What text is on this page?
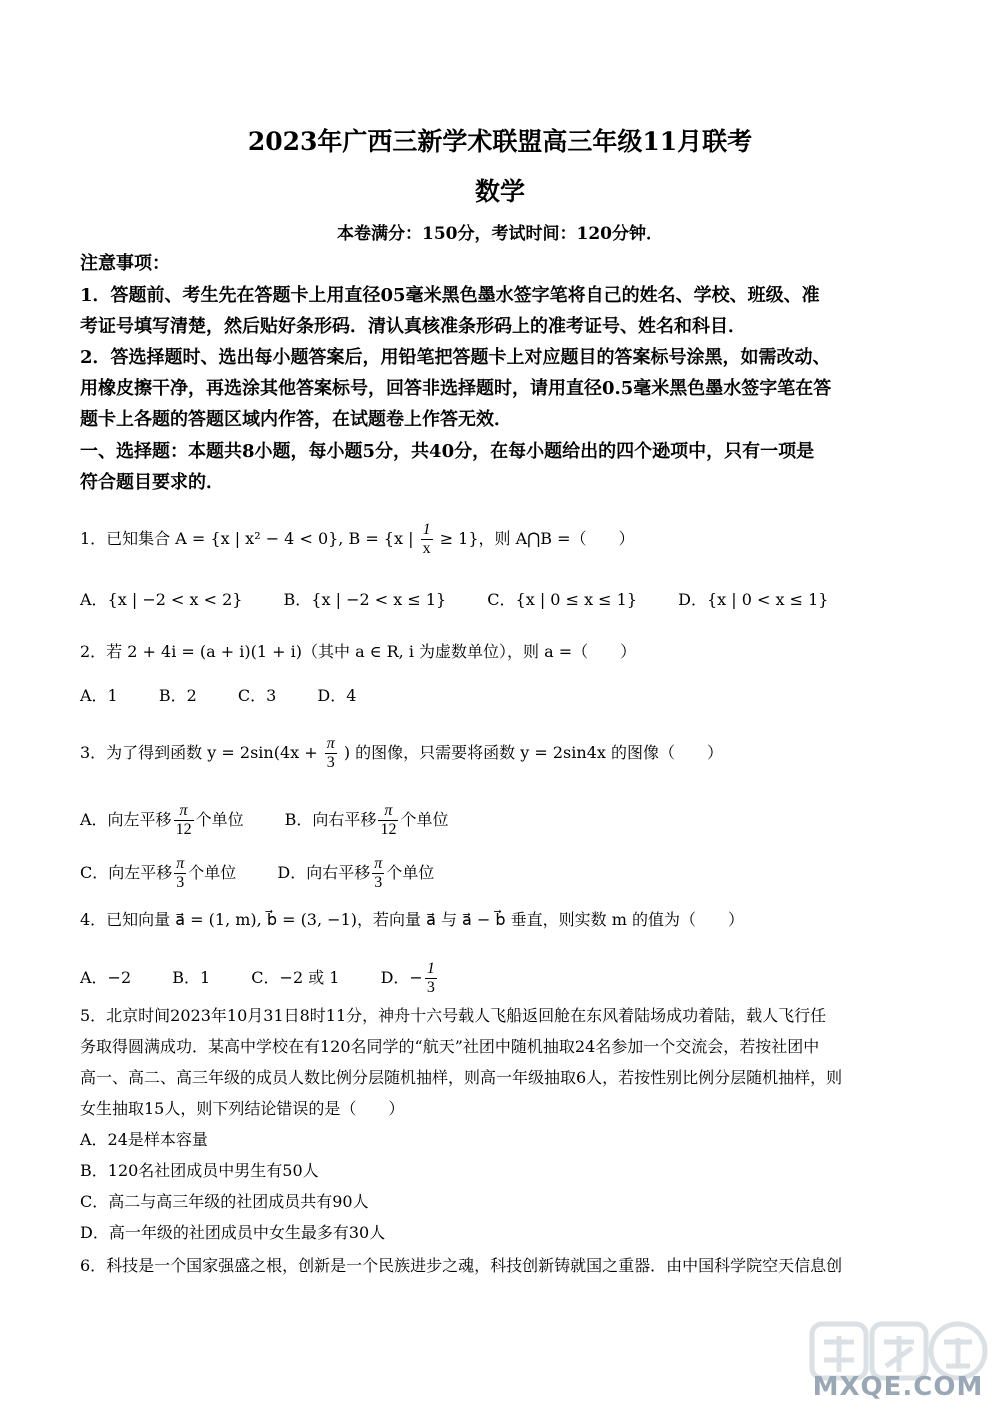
2023年广西三新学术联盟高三年级11月联考
数学
本卷满分：150分，考试时间：120分钟．
注意事项：
1．答题前、考生先在答题卡上用直径05毫米黑色墨水签字笔将自己的姓名、学校、班级、准
考证号填写清楚，然后贴好条形码．清认真核准条形码上的准考证号、姓名和科目．
2．答选择题时、选出每小题答案后，用铅笔把答题卡上对应题目的答案标号涂黑，如需改动、
用橡皮擦干净，再选涂其他答案标号，回答非选择题时，请用直径0.5毫米黑色墨水签字笔在答
题卡上各题的答题区域内作答，在试题卷上作答无效．
一、选择题：本题共8小题，每小题5分，共40分，在每小题给出的四个逊项中，只有一项是
符合题目要求的．
1．已知集合 A = {x | x² − 4 < 0}, B = {x | $\frac{1}{x} \ge 1$}，则 A⋂B =（　　）
A．{x | −2 < x < 2}	B．{x | −2 < x ≤ 1}	C．{x | 0 ≤ x ≤ 1}	D．{x | 0 < x ≤ 1}
2．若 2 + 4i = (a + i)(1 + i)（其中 a ∈ R, i 为虚数单位），则 a =（　　）
A．1	B．2	C．3	D．4
3．为了得到函数 $y = 2\sin(4x + \frac{\pi}{3}$ ) 的图像，只需要将函数 y = 2sin4x 的图像（　　）
A．向左平移 $\frac{\pi}{12}$ 个单位	B．向右平移 $\frac{\pi}{12}$ 个单位
C．向左平移 $\frac{\pi}{3}$ 个单位	D．向右平移 $\frac{\pi}{3}$ 个单位
4．已知向量 a⃗ = (1, m), b⃗ = (3, −1)，若向量 a⃗ 与 a⃗ − b⃗ 垂直，则实数 m 的值为（　　）
A．−2	B．1	C．−2 或 1	D．− $\frac{1}{3}$
5．北京时间2023年10月31日8时11分，神舟十六号载人飞船返回舱在东风着陆场成功着陆，载人飞行任
务取得圆满成功．某高中学校在有120名同学的“航天”社团中随机抽取24名参加一个交流会，若按社团中
高一、高二、高三年级的成员人数比例分层随机抽样，则高一年级抽取6人，若按性别比例分层随机抽样，则
女生抽取15人，则下列结论错误的是（　　）
A．24是样本容量
B．120名社团成员中男生有50人
C．高二与高三年级的社团成员共有90人
D．高一年级的社团成员中女生最多有30人
6．科技是一个国家强盛之根，创新是一个民族进步之魂，科技创新铸就国之重器．由中国科学院空天信息创
MXQE.COM
